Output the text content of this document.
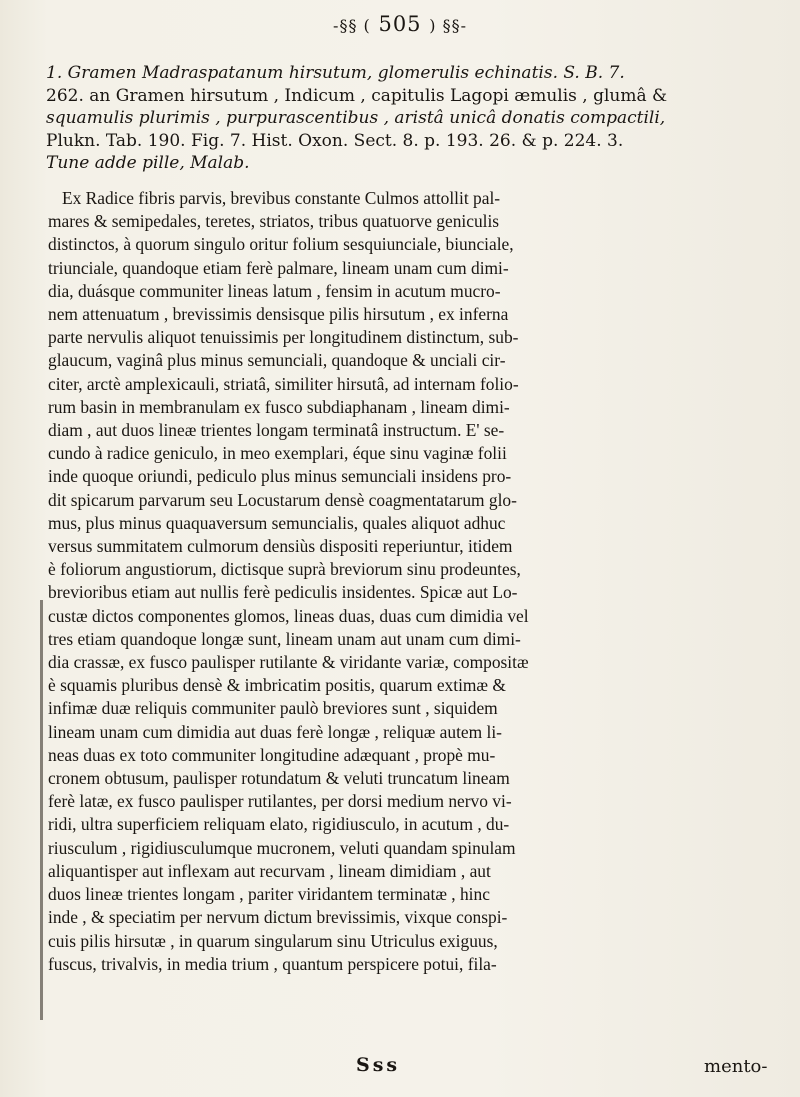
-§§ ( 505 ) §§-
1. Gramen Madraspatanum hirsutum, glomerulis echinatis. S. B. 7.
262. an Gramen hirsutum , Indicum , capitulis Lagopi æmulis , glumâ &
squamulis plurimis , purpurascentibus , aristâ unicâ donatis compactili,
Plukn. Tab. 190. Fig. 7. Hist. Oxon. Sect. 8. p. 193. 26. & p. 224. 3.
Tune adde pille, Malab.
Ex Radice fibris parvis, brevibus constante Culmos attollit pal-
mares & semipedales, teretes, striatos, tribus quatuorve geniculis
distinctos, à quorum singulo oritur folium sesquiunciale, biunciale,
triunciale, quandoque etiam ferè palmare, lineam unam cum dimi-
dia, duásque communiter lineas latum , fensim in acutum mucro-
nem attenuatum , brevissimis densisque pilis hirsutum , ex inferna
parte nervulis aliquot tenuissimis per longitudinem distinctum, sub-
glaucum, vaginâ plus minus semunciali, quandoque & unciali cir-
citer, arctè amplexicauli, striatâ, similiter hirsutâ, ad internam folio-
rum basin in membranulam ex fusco subdiaphanam , lineam dimi-
diam , aut duos lineæ trientes longam terminatâ instructum. E' se-
cundo à radice geniculo, in meo exemplari, éque sinu vaginæ folii
inde quoque oriundi, pediculo plus minus semunciali insidens pro-
dit spicarum parvarum seu Locustarum densè coagmentatarum glo-
mus, plus minus quaquaversum semuncialis, quales aliquot adhuc
versus summitatem culmorum densiùs dispositi reperiuntur, itidem
è foliorum angustiorum, dictisque suprà breviorum sinu prodeuntes,
brevioribus etiam aut nullis ferè pediculis insidentes. Spicæ aut Lo-
custæ dictos componentes glomos, lineas duas, duas cum dimidia vel
tres etiam quandoque longæ sunt, lineam unam aut unam cum dimi-
dia crassæ, ex fusco paulisper rutilante & viridante variæ, compositæ
è squamis pluribus densè & imbricatim positis, quarum extimæ &
infimæ duæ reliquis communiter paulò breviores sunt , siquidem
lineam unam cum dimidia aut duas ferè longæ , reliquæ autem li-
neas duas ex toto communiter longitudine adæquant , propè mu-
cronem obtusum, paulisper rotundatum & veluti truncatum lineam
ferè latæ, ex fusco paulisper rutilantes, per dorsi medium nervo vi-
ridi, ultra superficiem reliquam elato, rigidiusculo, in acutum , du-
riusculum , rigidiusculumque mucronem, veluti quandam spinulam
aliquantisper aut inflexam aut recurvam , lineam dimidiam , aut
duos lineæ trientes longam , pariter viridantem terminatæ , hinc
inde , & speciatim per nervum dictum brevissimis, vixque conspi-
cuis pilis hirsutæ , in quarum singularum sinu Utriculus exiguus,
fuscus, trivalvis, in media trium , quantum perspicere potui, fila-
Sss	mento-
